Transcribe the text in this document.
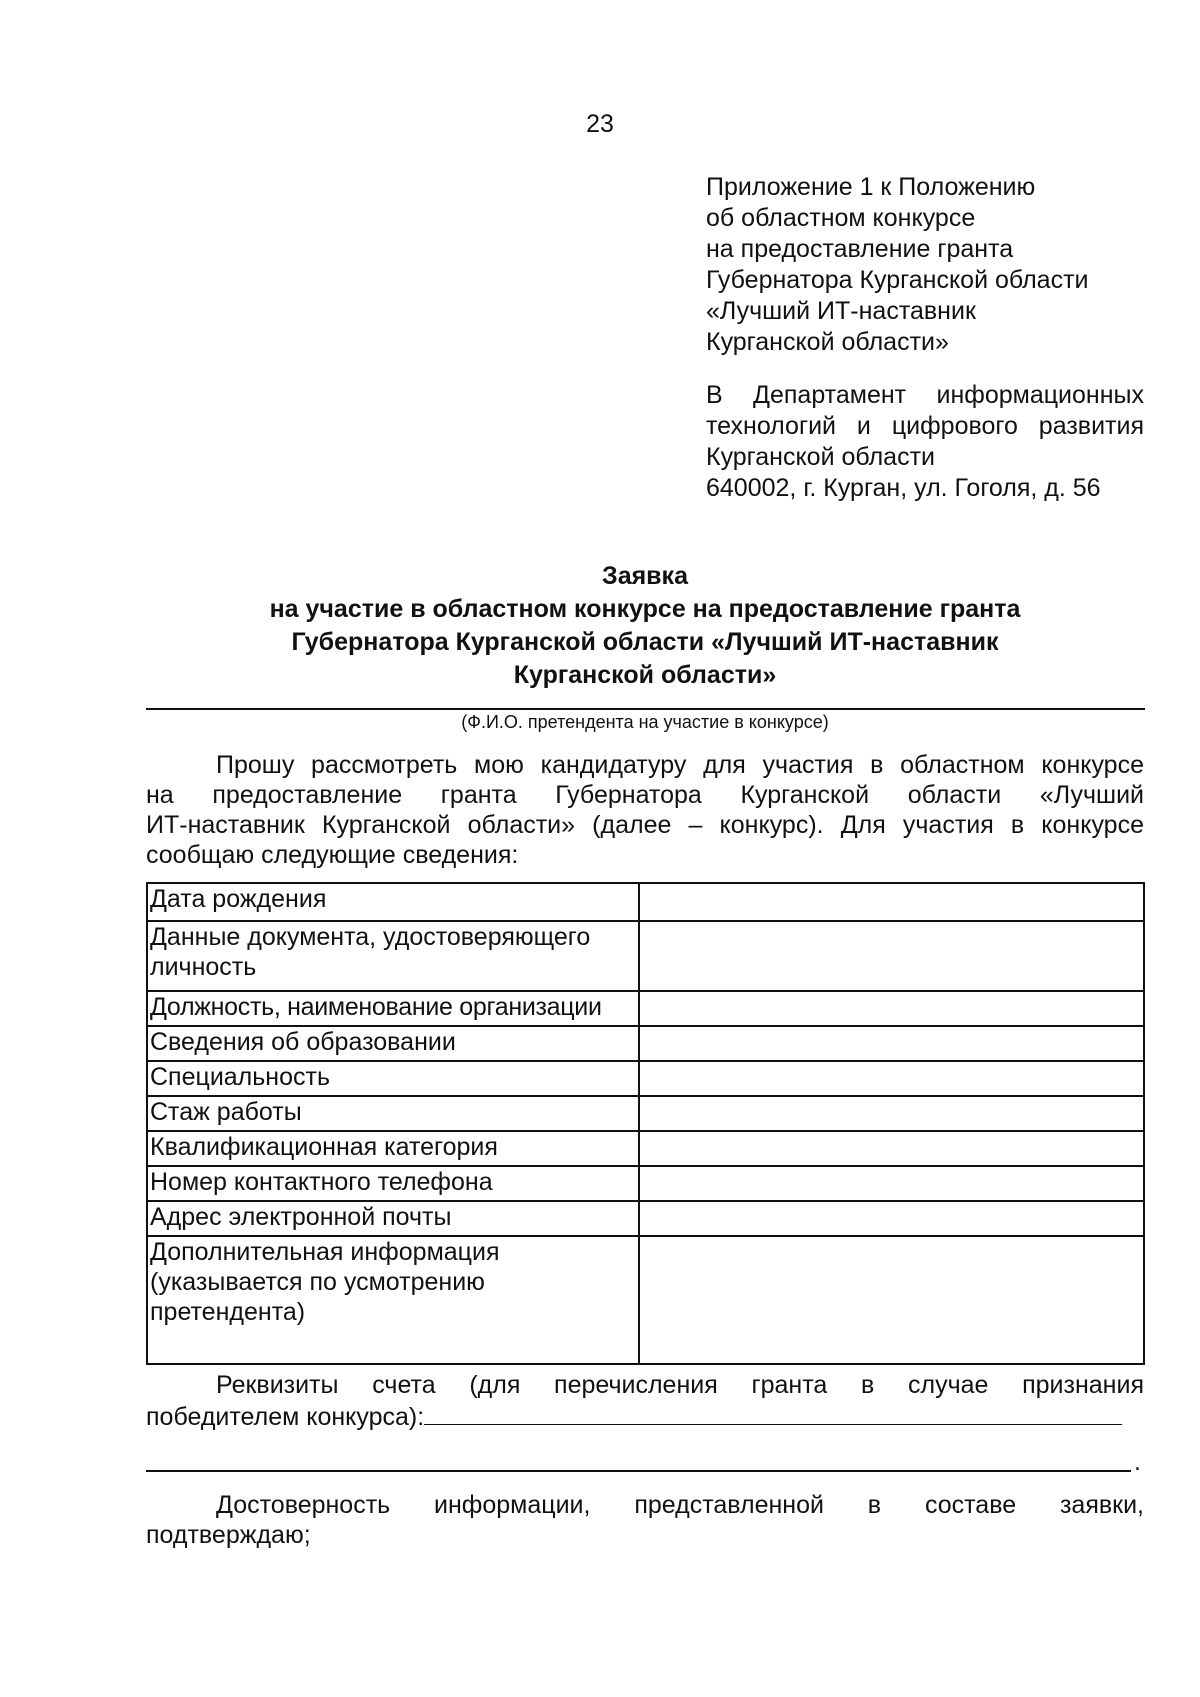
23
Приложение 1 к Положению
об областном конкурсе
на предоставление гранта
Губернатора Курганской области
«Лучший ИТ-наставник
Курганской области»
В Департамент информационных
технологий и цифрового развития
Курганской области
640002, г. Курган, ул. Гоголя, д. 56
Заявка
на участие в областном конкурсе на предоставление гранта
Губернатора Курганской области «Лучший ИТ-наставник
Курганской области»
(Ф.И.О. претендента на участие в конкурсе)
Прошу рассмотреть мою кандидатуру для участия в областном конкурсе
на предоставление гранта Губернатора Курганской области «Лучший
ИТ-наставник Курганской области» (далее – конкурс). Для участия в конкурсе
сообщаю следующие сведения:
Дата рождения	

Данные документа, удостоверяющего
личность	

Должность, наименование организации	

Сведения об образовании	

Специальность	

Стаж работы	

Квалификационная категория	

Номер контактного телефона	

Адрес электронной почты	

Дополнительная информация
(указывается по усмотрению
претендента)	

Реквизиты счета (для перечисления гранта в случае признания
победителем конкурса):
.
Достоверность информации, представленной в составе заявки,
подтверждаю;
